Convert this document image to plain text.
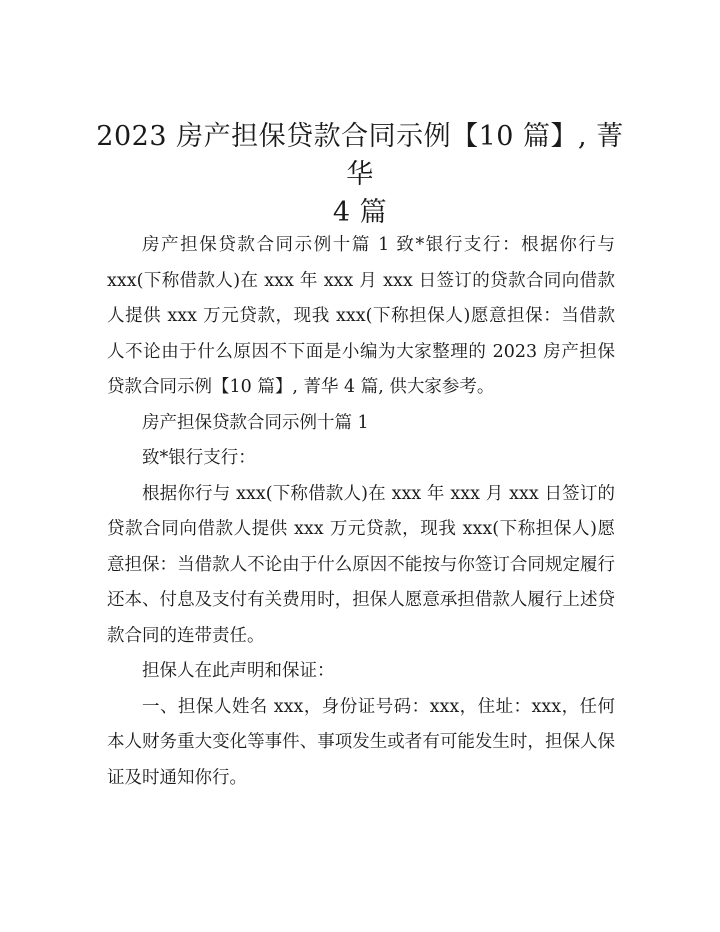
2023 房产担保贷款合同示例【10 篇】, 菁华
4 篇

房产担保贷款合同示例十篇 1 致*银行支行：根据你行与 xxx(下称借款人)在 xxx 年 xxx 月 xxx 日签订的贷款合同向借款人提供 xxx 万元贷款，现我 xxx(下称担保人)愿意担保：当借款人不论由于什么原因不下面是小编为大家整理的 2023 房产担保贷款合同示例【10 篇】, 菁华 4 篇, 供大家参考。

房产担保贷款合同示例十篇 1

致*银行支行：

根据你行与 xxx(下称借款人)在 xxx 年 xxx 月 xxx 日签订的贷款合同向借款人提供 xxx 万元贷款，现我 xxx(下称担保人)愿意担保：当借款人不论由于什么原因不能按与你签订合同规定履行还本、付息及支付有关费用时，担保人愿意承担借款人履行上述贷款合同的连带责任。

担保人在此声明和保证：

一、担保人姓名 xxx，身份证号码：xxx，住址：xxx，任何本人财务重大变化等事件、事项发生或者有可能发生时，担保人保证及时通知你行。
